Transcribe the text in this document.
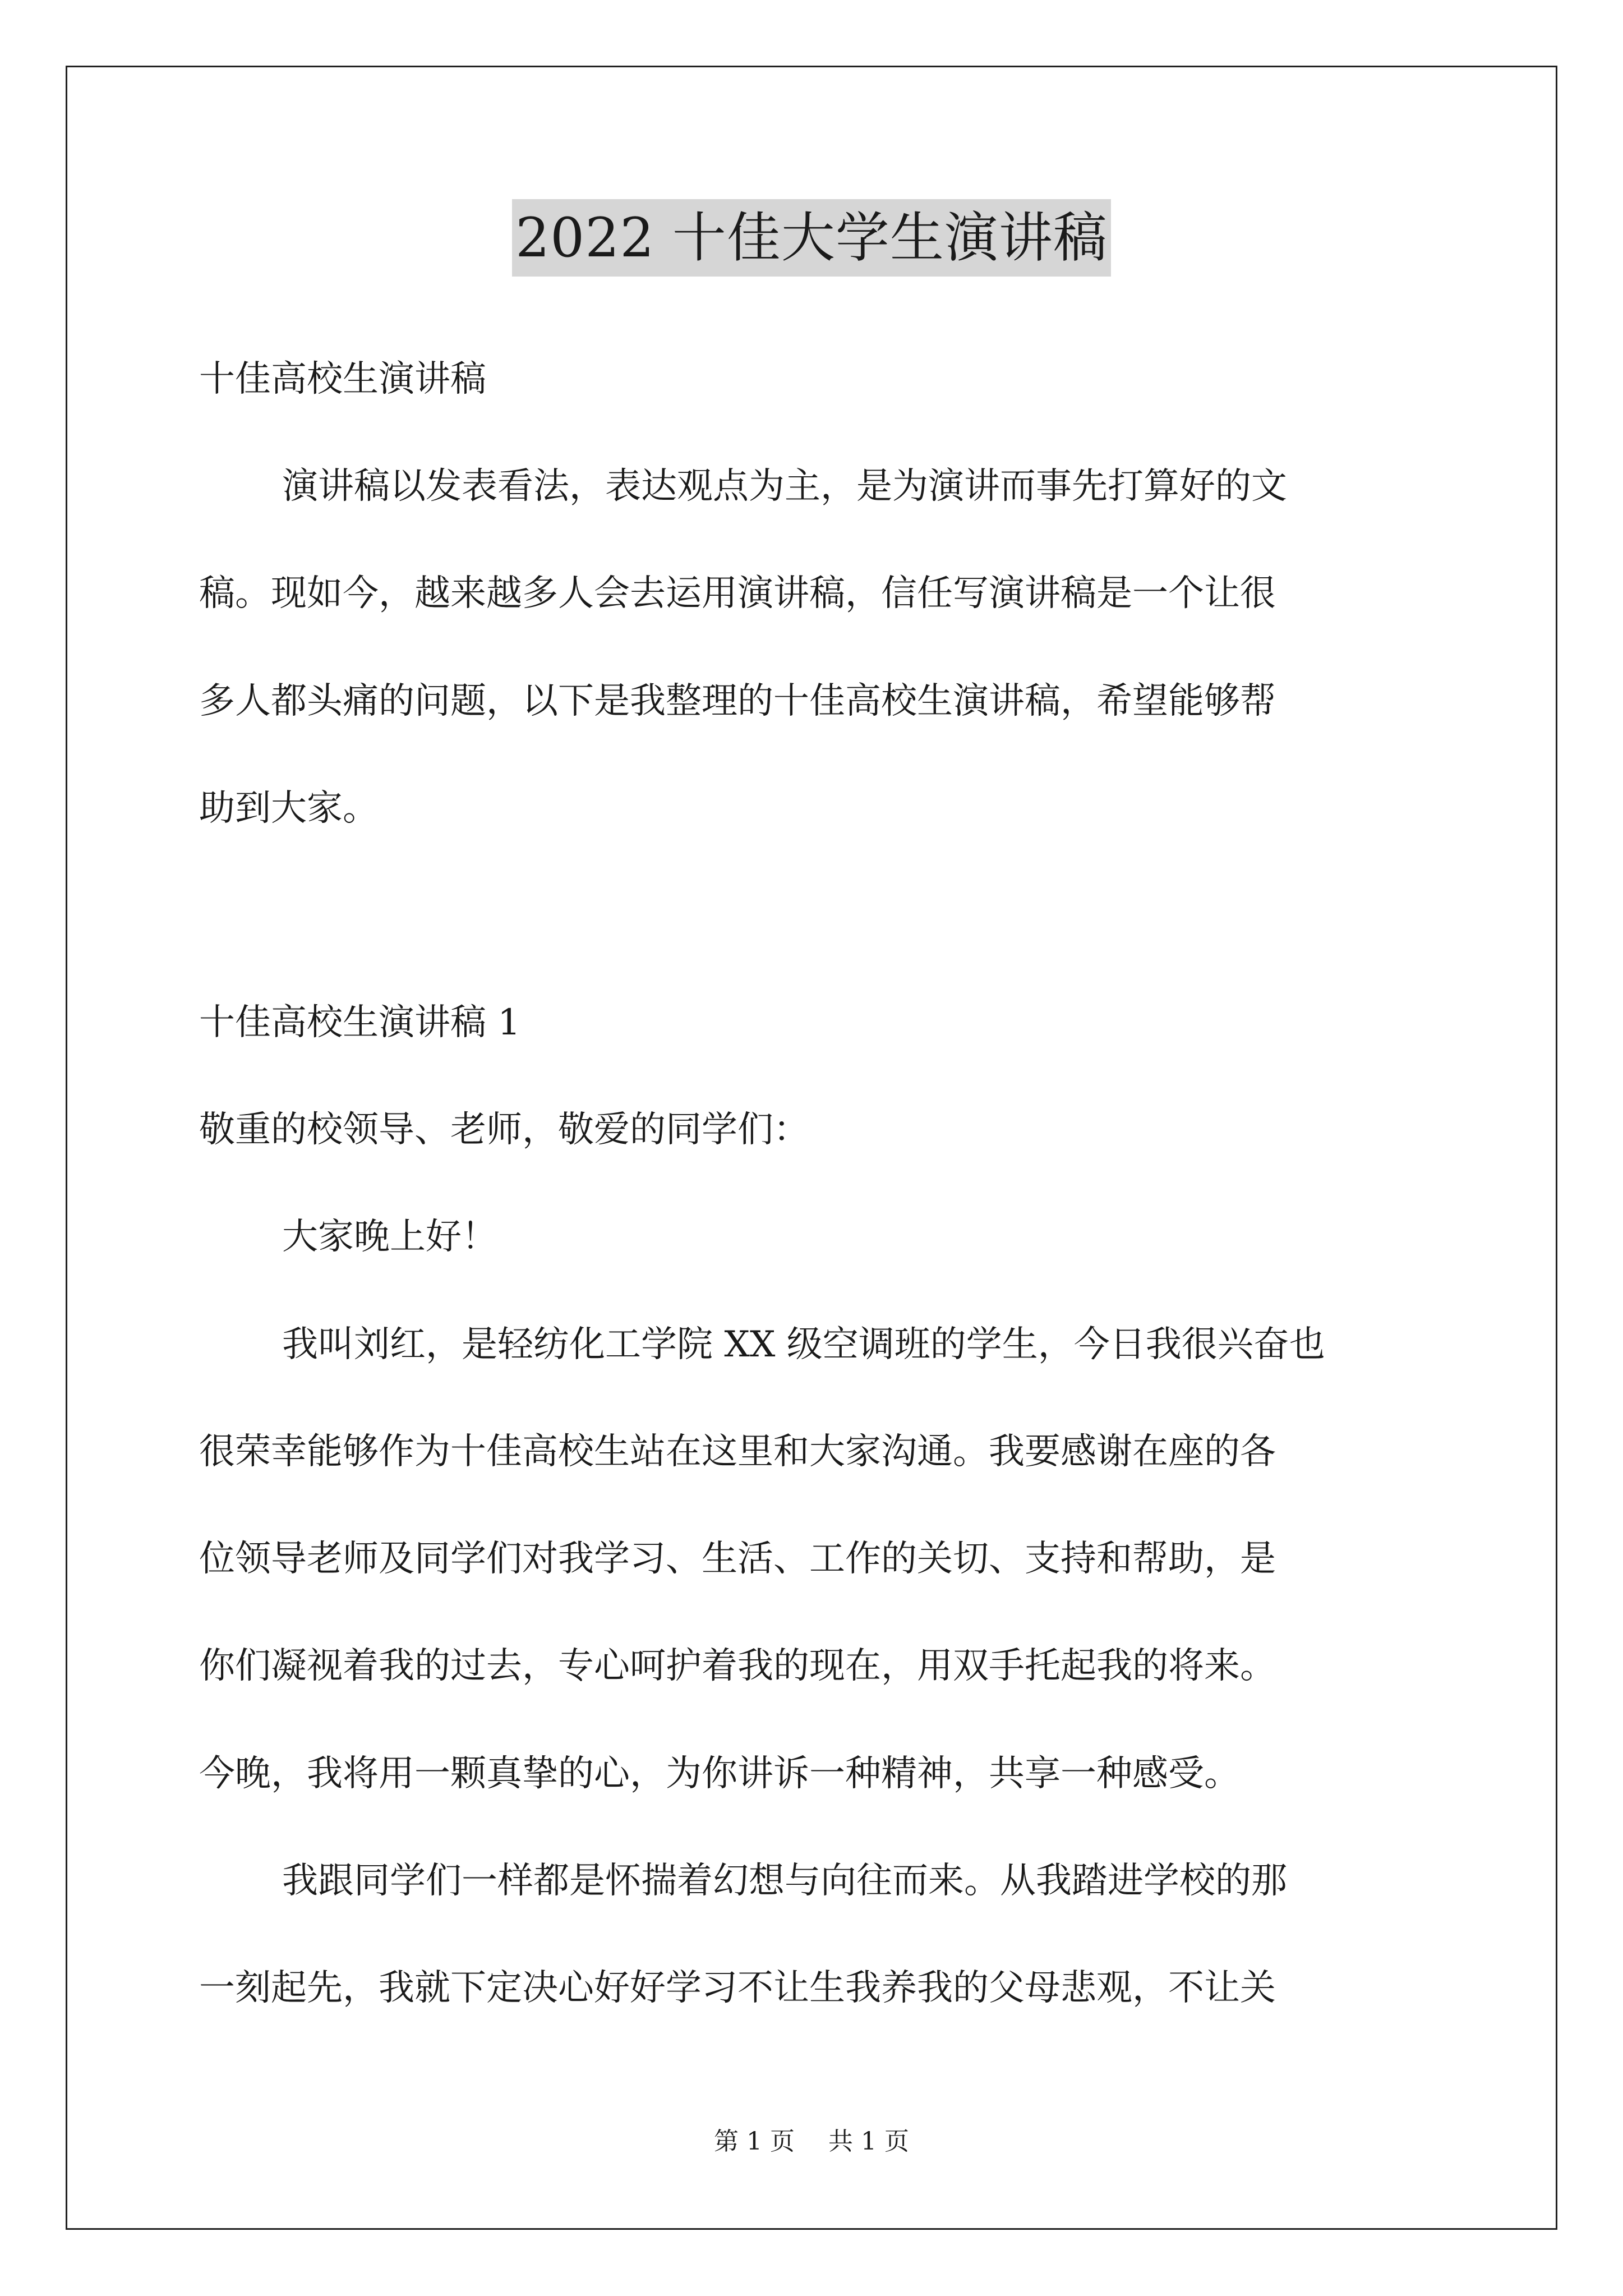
2022 十佳大学生演讲稿

十佳高校生演讲稿

演讲稿以发表看法，表达观点为主，是为演讲而事先打算好的文

稿。现如今，越来越多人会去运用演讲稿，信任写演讲稿是一个让很

多人都头痛的问题，以下是我整理的十佳高校生演讲稿，希望能够帮

助到大家。

十佳高校生演讲稿 1

敬重的校领导、老师，敬爱的同学们：

大家晚上好！

我叫刘红，是轻纺化工学院 XX 级空调班的学生，今日我很兴奋也

很荣幸能够作为十佳高校生站在这里和大家沟通。我要感谢在座的各

位领导老师及同学们对我学习、生活、工作的关切、支持和帮助，是

你们凝视着我的过去，专心呵护着我的现在，用双手托起我的将来。

今晚，我将用一颗真挚的心，为你讲诉一种精神，共享一种感受。

我跟同学们一样都是怀揣着幻想与向往而来。从我踏进学校的那

一刻起先，我就下定决心好好学习不让生我养我的父母悲观，不让关

第 1 页 共 1 页
